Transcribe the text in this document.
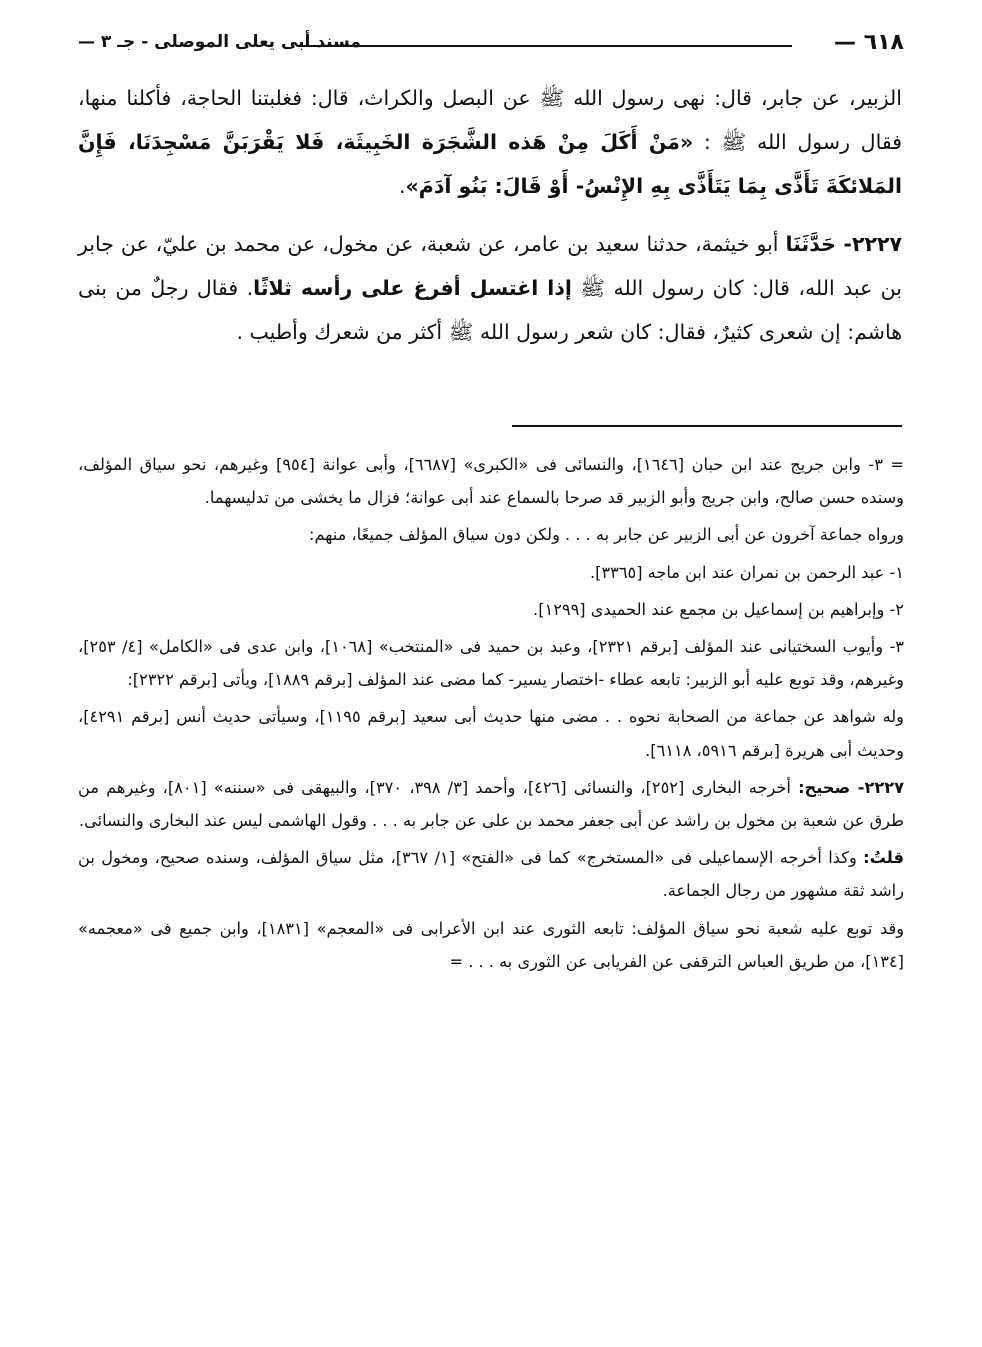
٦١٨ —
مسند أبى يعلى الموصلى - جـ ٣ —

الزبير، عن جابر، قال: نهى رسول الله ﷺ عن البصل والكراث، قال: فغلبتنا الحاجة، فأكلنا منها، فقال رسول الله ﷺ : «مَنْ أَكَلَ مِنْ هَذه الشَّجَرَة الخَبِيثَة، فَلا يَقْرَبَنَّ مَسْجِدَنَا، فَإِنَّ المَلائكَةَ تَأَذَّى بِمَا يَتَأَذَّى بِهِ الإِنْسُ- أَوْ قَالَ: بَنُو آدَمَ».

٢٢٢٧- حَدَّثَنَا أبو خيثمة، حدثنا سعيد بن عامر، عن شعبة، عن مخول، عن محمد بن عليّ، عن جابر بن عبد الله، قال: كان رسول الله ﷺ إذا اغتسل أفرغ على رأسه ثلاثًا. فقال رجلٌ من بنى هاشم: إن شعرى كثيرٌ، فقال: كان شعر رسول الله ﷺ أكثر من شعرك وأطيب .

= ٣- وابن جريج عند ابن حبان [١٦٤٦]، والنسائى فى «الكبرى» [٦٦٨٧]، وأبى عوانة [٩٥٤] وغيرهم، نحو سياق المؤلف، وسنده حسن صالح، وابن جريج وأبو الزبير قد صرحا بالسماع عند أبى عوانة؛ فزال ما يخشى من تدليسهما.

ورواه جماعة آخرون عن أبى الزبير عن جابر به . . . ولكن دون سياق المؤلف جميعًا، منهم:

١- عبد الرحمن بن نمران عند ابن ماجه [٣٣٦٥].

٢- وإبراهيم بن إسماعيل بن مجمع عند الحميدى [١٢٩٩].

٣- وأيوب السختيانى عند المؤلف [برقم ٢٣٢١]، وعبد بن حميد فى «المنتخب» [١٠٦٨]، وابن عدى فى «الكامل» [٤/ ٢٥٣]، وغيرهم، وقد توبع عليه أبو الزبير: تابعه عطاء -اختصار يسير- كما مضى عند المؤلف [برقم ١٨٨٩]، ويأتى [برقم ٢٣٢٢]:

وله شواهد عن جماعة من الصحابة نحوه . . مضى منها حديث أبى سعيد [برقم ١١٩٥]، وسيأتى حديث أنس [برقم ٤٢٩١]، وحديث أبى هريرة [برقم ٥٩١٦، ٦١١٨].

٢٢٢٧- صحيح: أخرجه البخارى [٢٥٢]، والنسائى [٤٢٦]، وأحمد [٣/ ٣٩٨، ٣٧٠]، والبيهقى فى «سننه» [٨٠١]، وغيرهم من طرق عن شعبة بن مخول بن راشد عن أبى جعفر محمد بن على عن جابر به . . . وقول الهاشمى ليس عند البخارى والنسائى.

قلتُ: وكذا أخرجه الإسماعيلى فى «المستخرج» كما فى «الفتح» [١/ ٣٦٧]، مثل سياق المؤلف، وسنده صحيح، ومخول بن راشد ثقة مشهور من رجال الجماعة.

وقد توبع عليه شعبة نحو سياق المؤلف: تابعه الثورى عند ابن الأعرابى فى «المعجم» [١٨٣١]، وابن جميع فى «معجمه» [١٣٤]، من طريق العباس الترقفى عن الفريابى عن الثورى به . . . =
